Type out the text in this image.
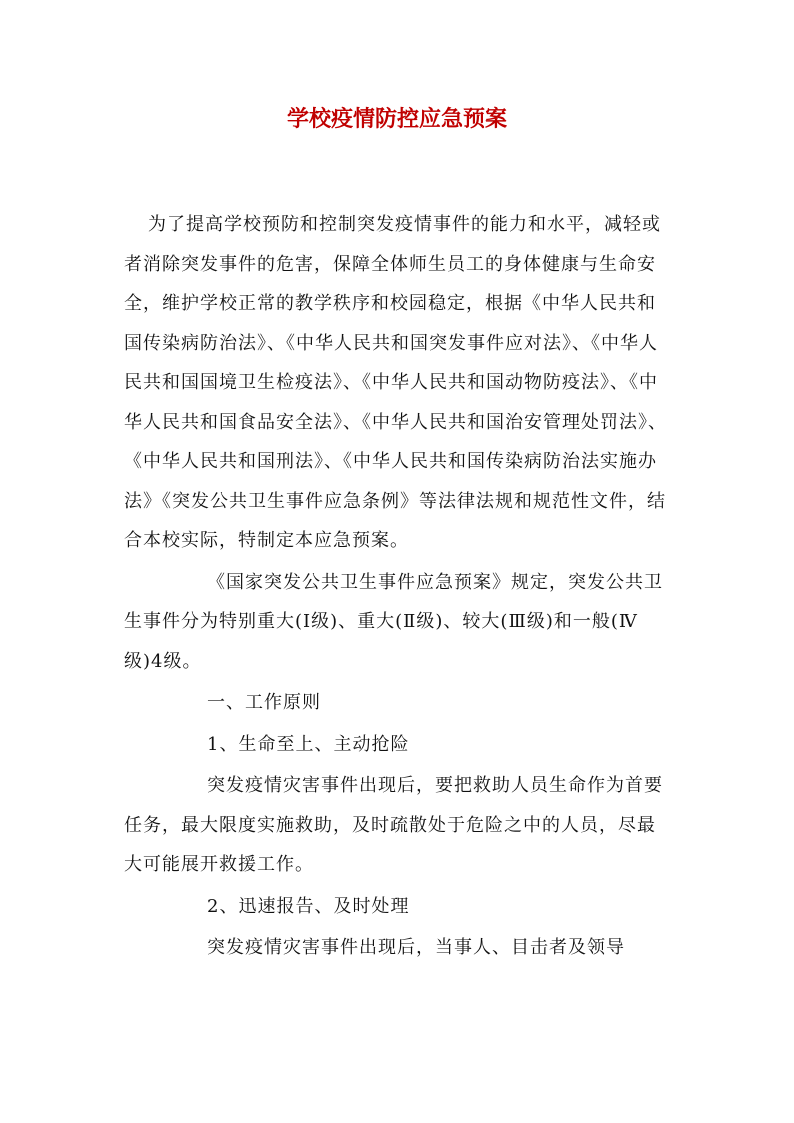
学校疫情防控应急预案

为了提高学校预防和控制突发疫情事件的能力和水平，减轻或者消除突发事件的危害，保障全体师生员工的身体健康与生命安全，维护学校正常的教学秩序和校园稳定，根据《中华人民共和国传染病防治法》、《中华人民共和国突发事件应对法》、《中华人民共和国国境卫生检疫法》、《中华人民共和国动物防疫法》、《中华人民共和国食品安全法》、《中华人民共和国治安管理处罚法》、《中华人民共和国刑法》、《中华人民共和国传染病防治法实施办法》《突发公共卫生事件应急条例》等法律法规和规范性文件，结合本校实际，特制定本应急预案。

《国家突发公共卫生事件应急预案》规定，突发公共卫生事件分为特别重大(Ⅰ级)、重大(Ⅱ级)、较大(Ⅲ级)和一般(Ⅳ级)4级。

一、工作原则

1、生命至上、主动抢险

突发疫情灾害事件出现后，要把救助人员生命作为首要任务，最大限度实施救助，及时疏散处于危险之中的人员，尽最大可能展开救援工作。

2、迅速报告、及时处理

突发疫情灾害事件出现后，当事人、目击者及领导
